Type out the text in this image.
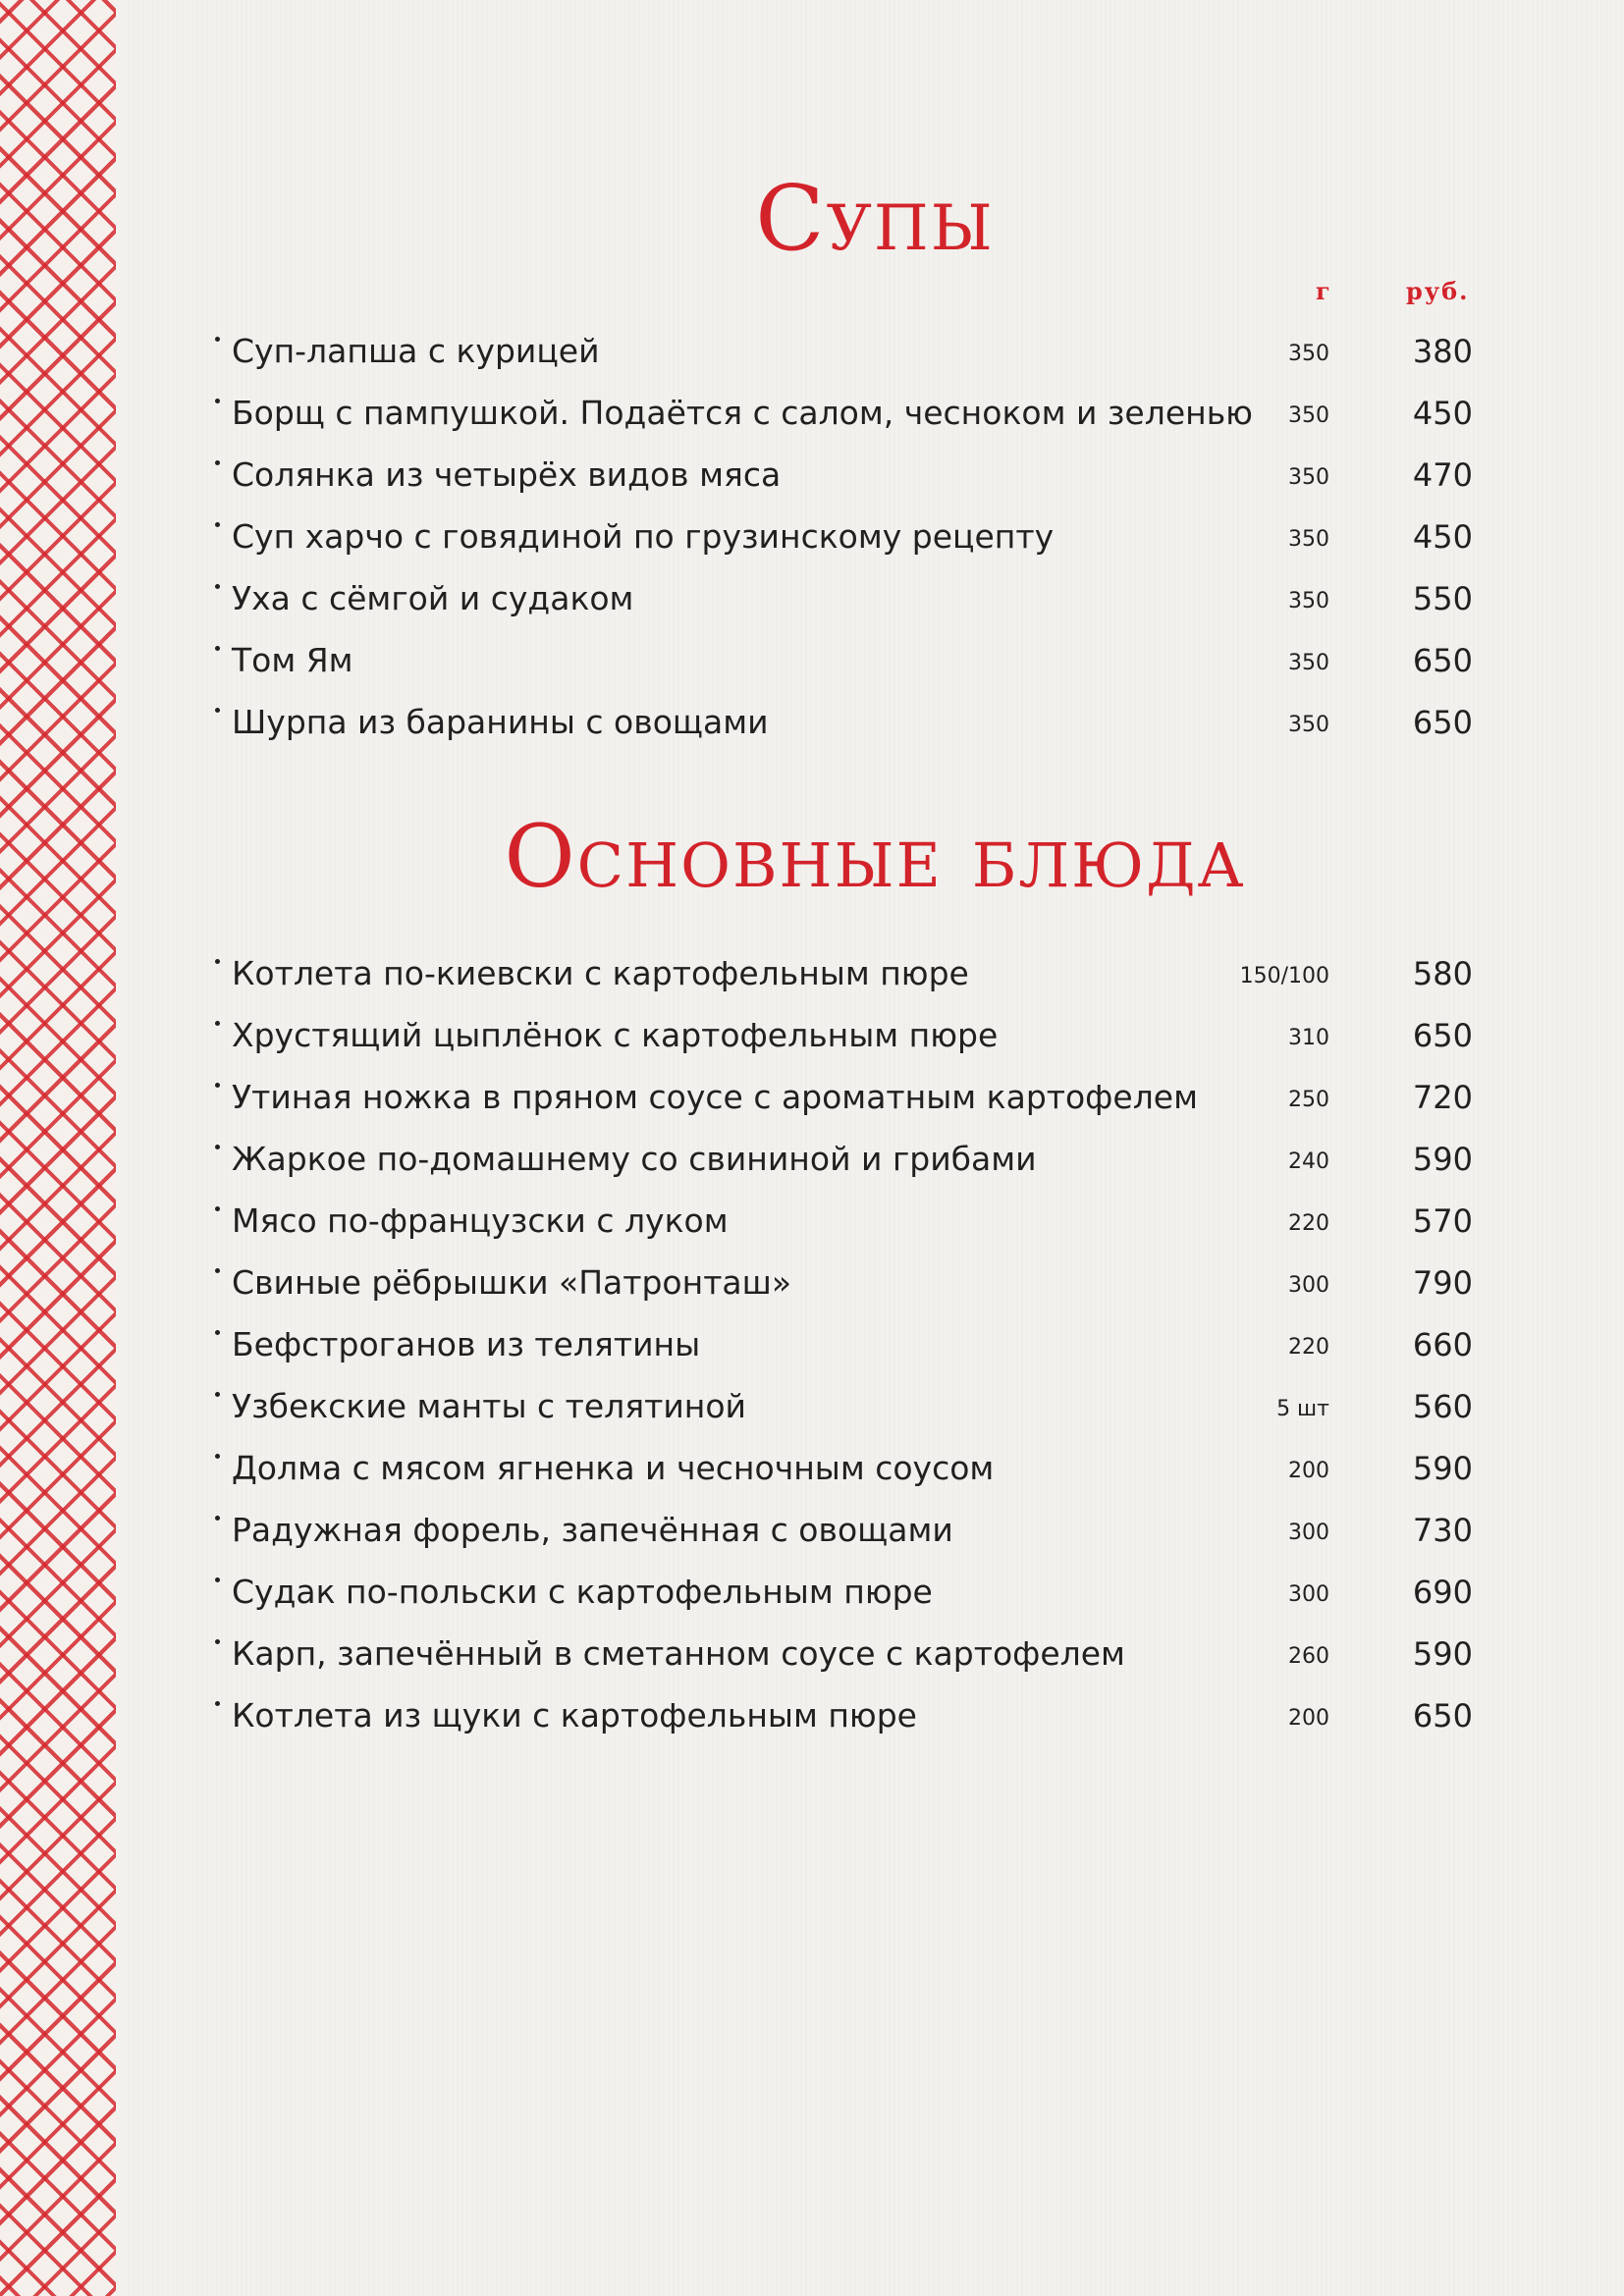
Супы
г	руб.
• Суп-лапша с курицей	350	380
• Борщ с пампушкой. Подаётся с салом, чесноком и зеленью 350	450
• Солянка из четырёх видов мяса	350	470
• Суп харчо с говядиной по грузинскому рецепту	350	450
• Уха с сёмгой и судаком	350	550
• Том Ям	350	650
• Шурпа из баранины с овощами	350	650
Основные блюда
• Котлета по-киевски с картофельным пюре	150/100	580
• Хрустящий цыплёнок с картофельным пюре	310	650
• Утиная ножка в пряном соусе с ароматным картофелем	250	720
• Жаркое по-домашнему со свининой и грибами	240	590
• Мясо по-французски с луком	220	570
• Свиные рёбрышки «Патронташ»	300	790
• Бефстроганов из телятины	220	660
• Узбекские манты с телятиной	5 шт	560
• Долма с мясом ягненка и чесночным соусом	200	590
• Радужная форель, запечённая с овощами	300	730
• Судак по-польски с картофельным пюре	300	690
• Карп, запечённый в сметанном соусе с картофелем	260	590
• Котлета из щуки с картофельным пюре	200	650
